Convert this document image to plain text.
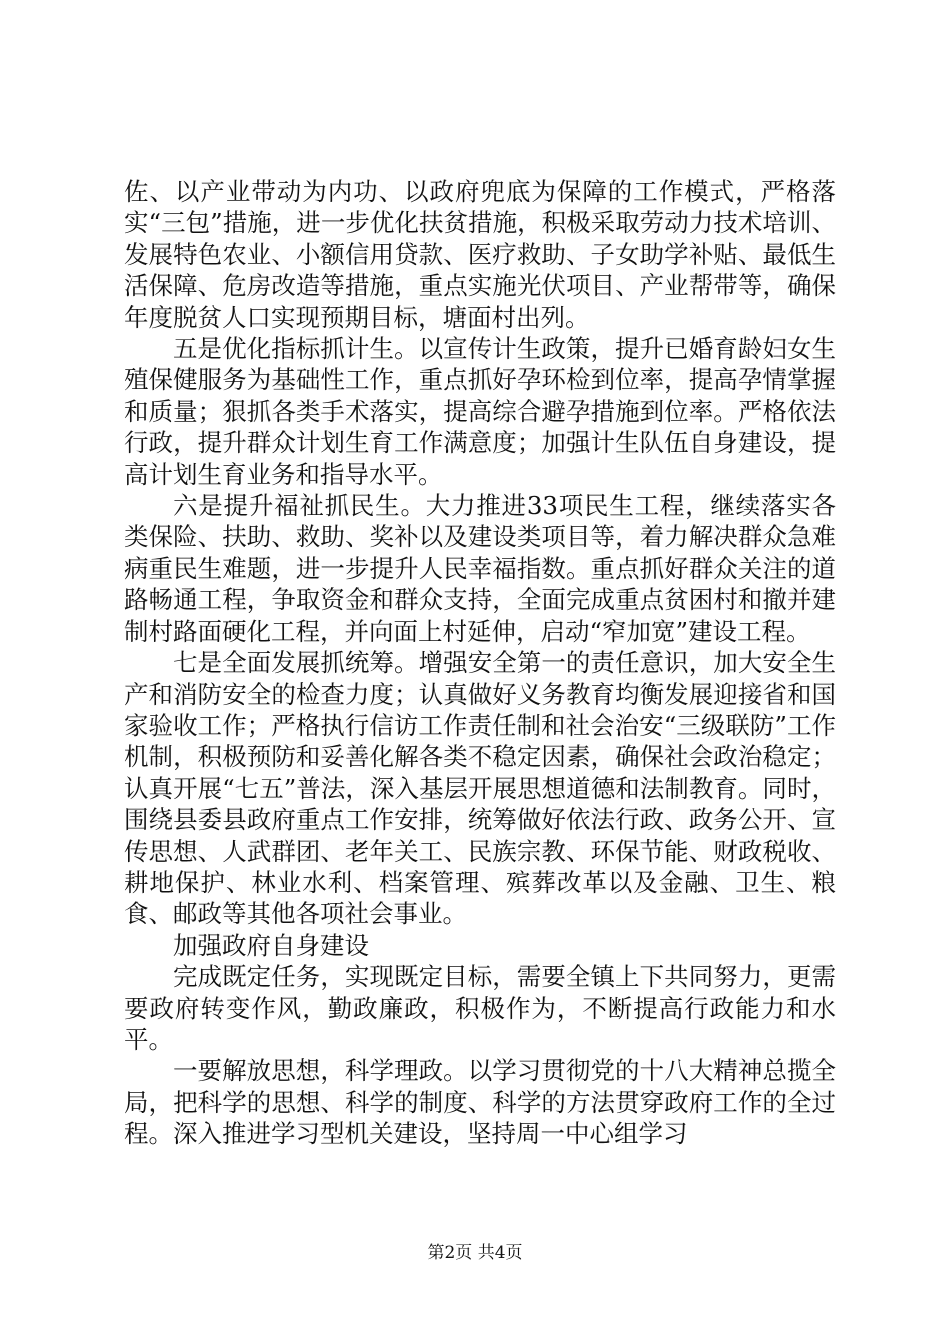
佐、以产业带动为内功、以政府兜底为保障的工作模式，严格落实“三包”措施，进一步优化扶贫措施，积极采取劳动力技术培训、发展特色农业、小额信用贷款、医疗救助、子女助学补贴、最低生活保障、危房改造等措施，重点实施光伏项目、产业帮带等，确保年度脱贫人口实现预期目标，塘面村出列。

五是优化指标抓计生。以宣传计生政策，提升已婚育龄妇女生殖保健服务为基础性工作，重点抓好孕环检到位率，提高孕情掌握和质量；狠抓各类手术落实，提高综合避孕措施到位率。严格依法行政，提升群众计划生育工作满意度；加强计生队伍自身建设，提高计划生育业务和指导水平。

六是提升福祉抓民生。大力推进33项民生工程，继续落实各类保险、扶助、救助、奖补以及建设类项目等，着力解决群众急难病重民生难题，进一步提升人民幸福指数。重点抓好群众关注的道路畅通工程，争取资金和群众支持，全面完成重点贫困村和撤并建制村路面硬化工程，并向面上村延伸，启动“窄加宽”建设工程。

七是全面发展抓统筹。增强安全第一的责任意识，加大安全生产和消防安全的检查力度；认真做好义务教育均衡发展迎接省和国家验收工作；严格执行信访工作责任制和社会治安“三级联防”工作机制，积极预防和妥善化解各类不稳定因素，确保社会政治稳定；认真开展“七五”普法，深入基层开展思想道德和法制教育。同时，围绕县委县政府重点工作安排，统筹做好依法行政、政务公开、宣传思想、人武群团、老年关工、民族宗教、环保节能、财政税收、耕地保护、林业水利、档案管理、殡葬改革以及金融、卫生、粮食、邮政等其他各项社会事业。

加强政府自身建设

完成既定任务，实现既定目标，需要全镇上下共同努力，更需要政府转变作风，勤政廉政，积极作为，不断提高行政能力和水平。

一要解放思想，科学理政。以学习贯彻党的十八大精神总揽全局，把科学的思想、科学的制度、科学的方法贯穿政府工作的全过程。深入推进学习型机关建设，坚持周一中心组学习

第2页 共4页
